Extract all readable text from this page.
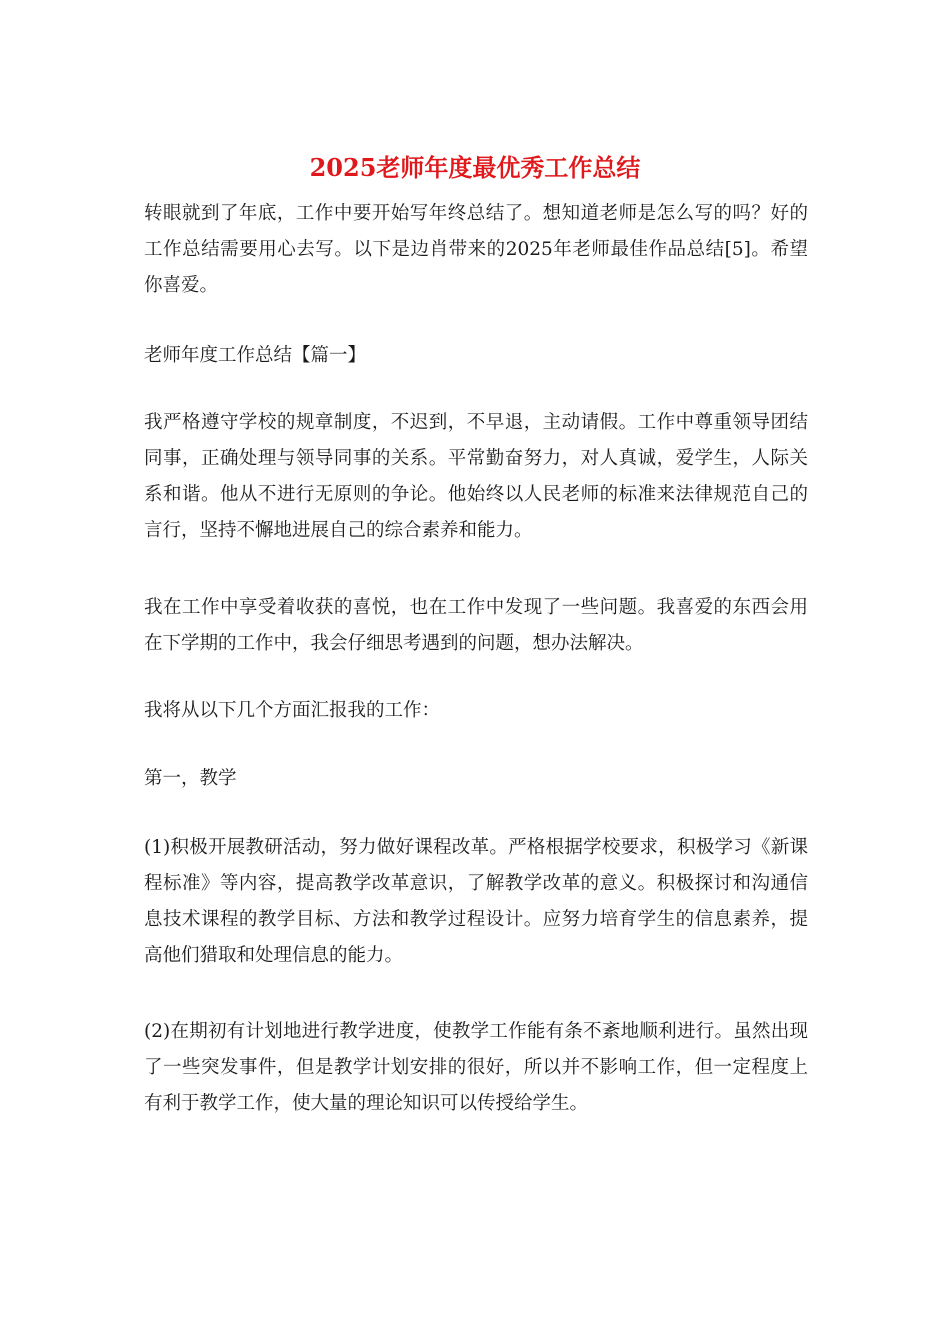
2025老师年度最优秀工作总结

转眼就到了年底，工作中要开始写年终总结了。想知道老师是怎么写的吗？好的工作总结需要用心去写。以下是边肖带来的2025年老师最佳作品总结[5]。希望你喜爱。

老师年度工作总结【篇一】

我严格遵守学校的规章制度，不迟到，不早退，主动请假。工作中尊重领导团结同事，正确处理与领导同事的关系。平常勤奋努力，对人真诚，爱学生，人际关系和谐。他从不进行无原则的争论。他始终以人民老师的标准来法律规范自己的言行，坚持不懈地进展自己的综合素养和能力。

我在工作中享受着收获的喜悦，也在工作中发现了一些问题。我喜爱的东西会用在下学期的工作中，我会仔细思考遇到的问题，想办法解决。

我将从以下几个方面汇报我的工作：

第一，教学

(1)积极开展教研活动，努力做好课程改革。严格根据学校要求，积极学习《新课程标准》等内容，提高教学改革意识，了解教学改革的意义。积极探讨和沟通信息技术课程的教学目标、方法和教学过程设计。应努力培育学生的信息素养，提高他们猎取和处理信息的能力。

(2)在期初有计划地进行教学进度，使教学工作能有条不紊地顺利进行。虽然出现了一些突发事件，但是教学计划安排的很好，所以并不影响工作，但一定程度上有利于教学工作，使大量的理论知识可以传授给学生。
